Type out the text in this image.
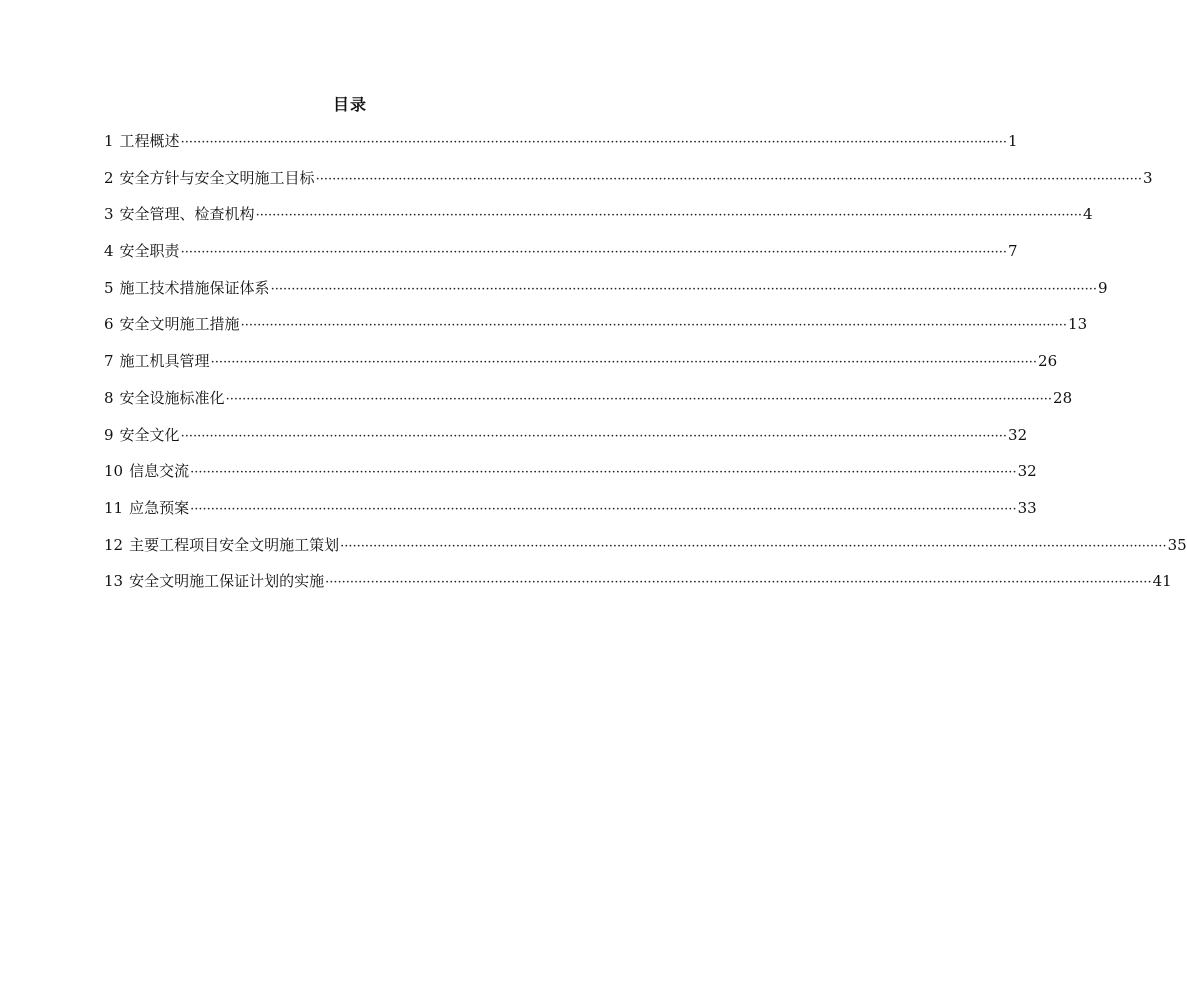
目录
1 工程概述 ········································································································································································································ 1
2 安全方针与安全文明施工目标 ········································································································································································································ 3
3 安全管理、检查机构 ········································································································································································································ 4
4 安全职责 ········································································································································································································ 7
5 施工技术措施保证体系 ········································································································································································································ 9
6 安全文明施工措施 ········································································································································································································ 13
7 施工机具管理 ········································································································································································································ 26
8 安全设施标准化 ········································································································································································································ 28
9 安全文化 ········································································································································································································ 32
10 信息交流 ········································································································································································································ 32
11 应急预案 ········································································································································································································ 33
12 主要工程项目安全文明施工策划 ········································································································································································································ 35
13 安全文明施工保证计划的实施 ········································································································································································································ 41
